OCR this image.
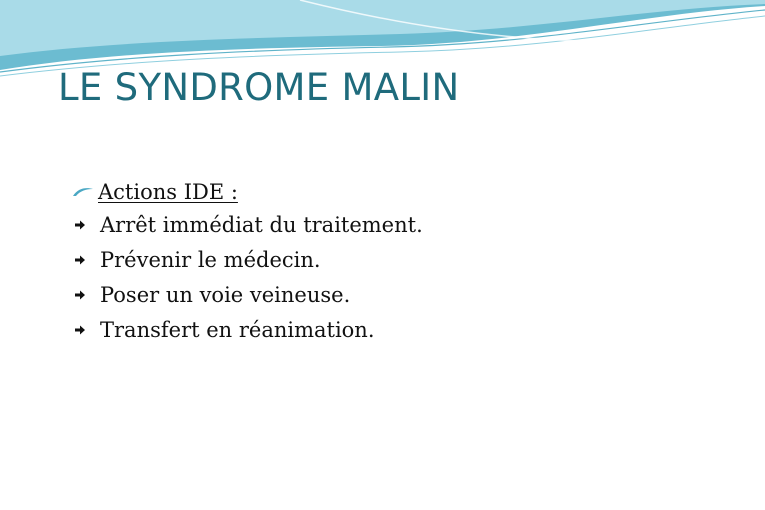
LE SYNDROME MALIN
Actions IDE :
Arrêt immédiat du traitement.
Prévenir le médecin.
Poser un voie veineuse.
Transfert en réanimation.
